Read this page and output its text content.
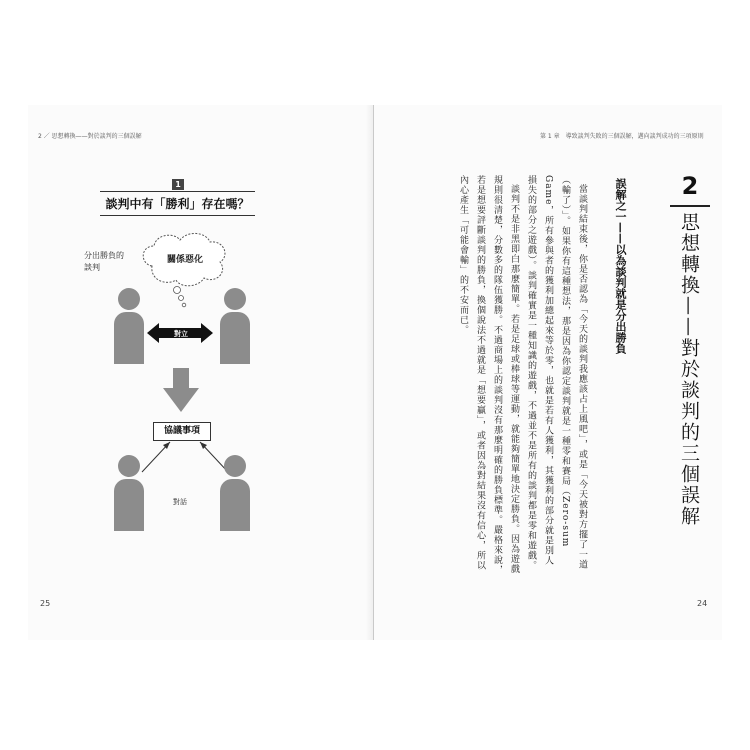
2 ／ 思想轉換——對於談判的三個誤解
1
談判中有「勝利」存在嗎？
分出勝負的談判
關係惡化
對立
協議事項
對話
25
第 1 章　導致談判失敗的三個誤解，邁向談判成功的三項原則
2
思想轉換——對於談判的三個誤解
誤解之一——以為談判就是分出勝負

當談判結束後，你是否認為「今天的談判我應該占上風吧」，或是「今天被對方擺了一道（輸了）」。如果你有這種想法，那是因為你認定談判就是一種零和賽局（Zero-sum Game，所有參與者的獲利加總起來等於零，也就是若有人獲利，其獲利的部分就是別人損失的部分之遊戲）。談判確實是一種知識的遊戲，不過並不是所有的談判都是零和遊戲。

談判不是非黑即白那麼簡單。若是足球或棒球等運動，就能夠簡單地決定勝負。因為遊戲規則很清楚，分數多的隊伍獲勝。不過商場上的談判沒有那麼明確的勝負標準。嚴格來說，若是想要評斷談判的勝負，換個說法不過就是「想要贏」，或者因為對結果沒有信心，所以內心產生「可能會輸」的不安而已。

24
